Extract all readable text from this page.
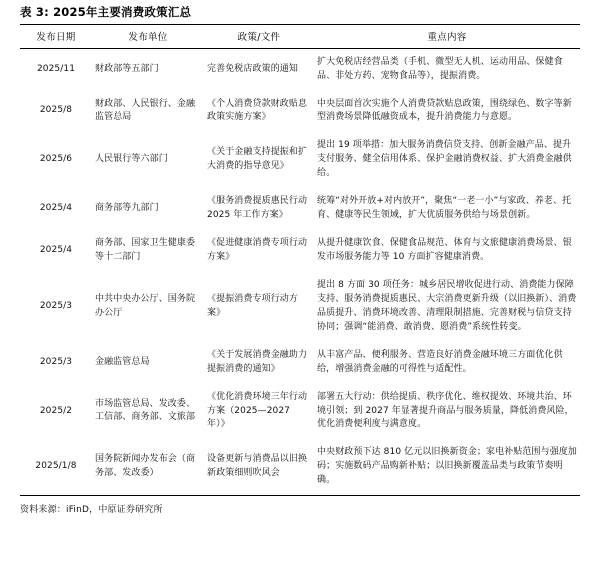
表 3: 2025年主要消费政策汇总
发布日期	发布单位	政策/文件	重点内容
2025/11	财政部等五部门	完善免税店政策的通知	扩大免税店经营品类（手机、微型无人机、运动用品、保健食品、非处方药、宠物食品等），提振消费。
2025/8	财政部、人民银行、金融监管总局	《个人消费贷款财政贴息政策实施方案》	中央层面首次实施个人消费贷款贴息政策，围绕绿色、数字等新型消费场景降低融资成本，提升消费能力与意愿。
2025/6	人民银行等六部门	《关于金融支持提振和扩大消费的指导意见》	提出 19 项举措：加大服务消费信贷支持、创新金融产品、提升支付服务、健全信用体系、保护金融消费权益、扩大消费金融供给。
2025/4	商务部等九部门	《服务消费提质惠民行动 2025 年工作方案》	统筹“对外开放+对内放开”，聚焦“一老一小”与家政、养老、托育、健康等民生领域，扩大优质服务供给与场景创新。
2025/4	商务部、国家卫生健康委等十二部门	《促进健康消费专项行动方案》	从提升健康饮食、保健食品规范、体育与文旅健康消费场景、银发市场服务能力等 10 方面扩容健康消费。
2025/3	中共中央办公厅、国务院办公厅	《提振消费专项行动方案》	提出 8 方面 30 项任务：城乡居民增收促进行动、消费能力保障支持、服务消费提质惠民、大宗消费更新升级（以旧换新）、消费品质提升、消费环境改善、清理限制措施、完善财税与信贷支持协同；强调“能消费、敢消费、愿消费”系统性转变。
2025/3	金融监管总局	《关于发展消费金融助力提振消费的通知》	从丰富产品、便利服务、营造良好消费金融环境三方面优化供给，增强消费金融的可得性与适配性。
2025/2	市场监管总局、发改委、工信部、商务部、文旅部	《优化消费环境三年行动方案（2025—2027 年）》	部署五大行动：供给提质、秩序优化、维权提效、环境共治、环境引领；到 2027 年显著提升商品与服务质量，降低消费风险，优化消费便利度与满意度。
2025/1/8	国务院新闻办发布会（商务部、发改委）	设备更新与消费品以旧换新政策细则吹风会	中央财政预下达 810 亿元以旧换新资金；家电补贴范围与强度加码；实施数码产品购新补贴；以旧换新覆盖品类与政策节奏明确。
资料来源：iFinD，中原证券研究所
